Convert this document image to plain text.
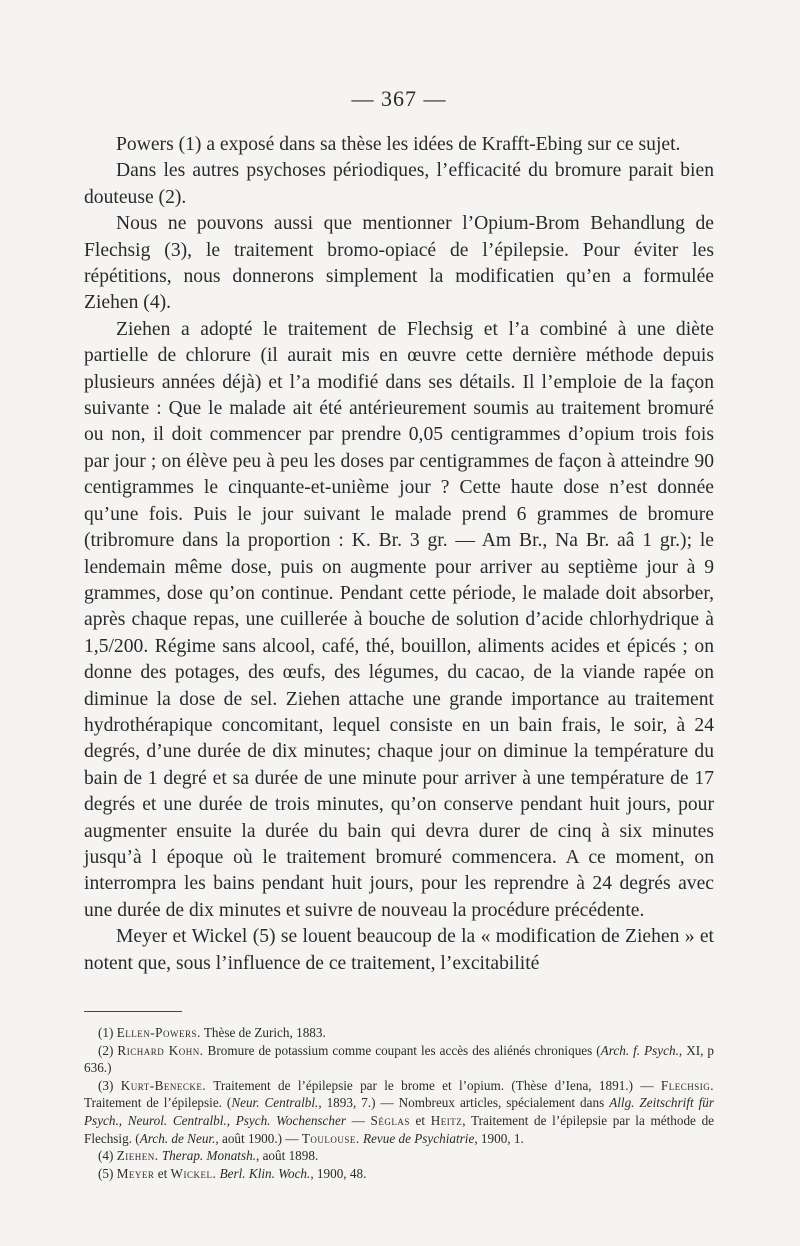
— 367 —

Powers (1) a exposé dans sa thèse les idées de Krafft-Ebing sur ce sujet.

Dans les autres psychoses périodiques, l’efficacité du bromure parait bien douteuse (2).

Nous ne pouvons aussi que mentionner l’Opium-Brom Behandlung de Flechsig (3), le traitement bromo-opiacé de l’épilepsie. Pour éviter les répétitions, nous donnerons simplement la modificatien qu’en a formulée Ziehen (4).

Ziehen a adopté le traitement de Flechsig et l’a combiné à une diète partielle de chlorure (il aurait mis en œuvre cette dernière méthode depuis plusieurs années déjà) et l’a modifié dans ses détails. Il l’emploie de la façon suivante : Que le malade ait été antérieurement soumis au traitement bromuré ou non, il doit commencer par prendre 0,05 centigrammes d’opium trois fois par jour ; on élève peu à peu les doses par centigrammes de façon à atteindre 90 centigrammes le cinquante-et-unième jour ? Cette haute dose n’est donnée qu’une fois. Puis le jour suivant le malade prend 6 grammes de bromure (tribromure dans la proportion : K. Br. 3 gr. — Am Br., Na Br. aâ 1 gr.); le lendemain même dose, puis on augmente pour arriver au septième jour à 9 grammes, dose qu’on continue. Pendant cette période, le malade doit absorber, après chaque repas, une cuillerée à bouche de solution d’acide chlorhydrique à 1,5/200. Régime sans alcool, café, thé, bouillon, aliments acides et épicés ; on donne des potages, des œufs, des légumes, du cacao, de la viande rapée on diminue la dose de sel. Ziehen attache une grande importance au traitement hydrothérapique concomitant, lequel consiste en un bain frais, le soir, à 24 degrés, d’une durée de dix minutes; chaque jour on diminue la température du bain de 1 degré et sa durée de une minute pour arriver à une température de 17 degrés et une durée de trois minutes, qu’on conserve pendant huit jours, pour augmenter ensuite la durée du bain qui devra durer de cinq à six minutes jusqu’à l époque où le traitement bromuré commencera. A ce moment, on interrompra les bains pendant huit jours, pour les reprendre à 24 degrés avec une durée de dix minutes et suivre de nouveau la procédure précédente.

Meyer et Wickel (5) se louent beaucoup de la « modification de Ziehen » et notent que, sous l’influence de ce traitement, l’excitabilité

(1) Ellen-Powers. Thèse de Zurich, 1883.

(2) Richard Kohn. Bromure de potassium comme coupant les accès des aliénés chroniques (Arch. f. Psych., XI, p 636.)

(3) Kurt-Benecke. Traitement de l’épilepsie par le brome et l’opium. (Thèse d’Iena, 1891.) — Flechsig. Traitement de l’épilepsie. (Neur. Centralbl., 1893, 7.) — Nombreux articles, spécialement dans Allg. Zeitschrift für Psych., Neurol. Centralbl., Psych. Wochenscher — Séglas et Heitz, Traitement de l’épilepsie par la méthode de Flechsig. (Arch. de Neur., août 1900.) — Toulouse. Revue de Psychiatrie, 1900, 1.

(4) Ziehen. Therap. Monatsh., août 1898.

(5) Meyer et Wickel. Berl. Klin. Woch., 1900, 48.
